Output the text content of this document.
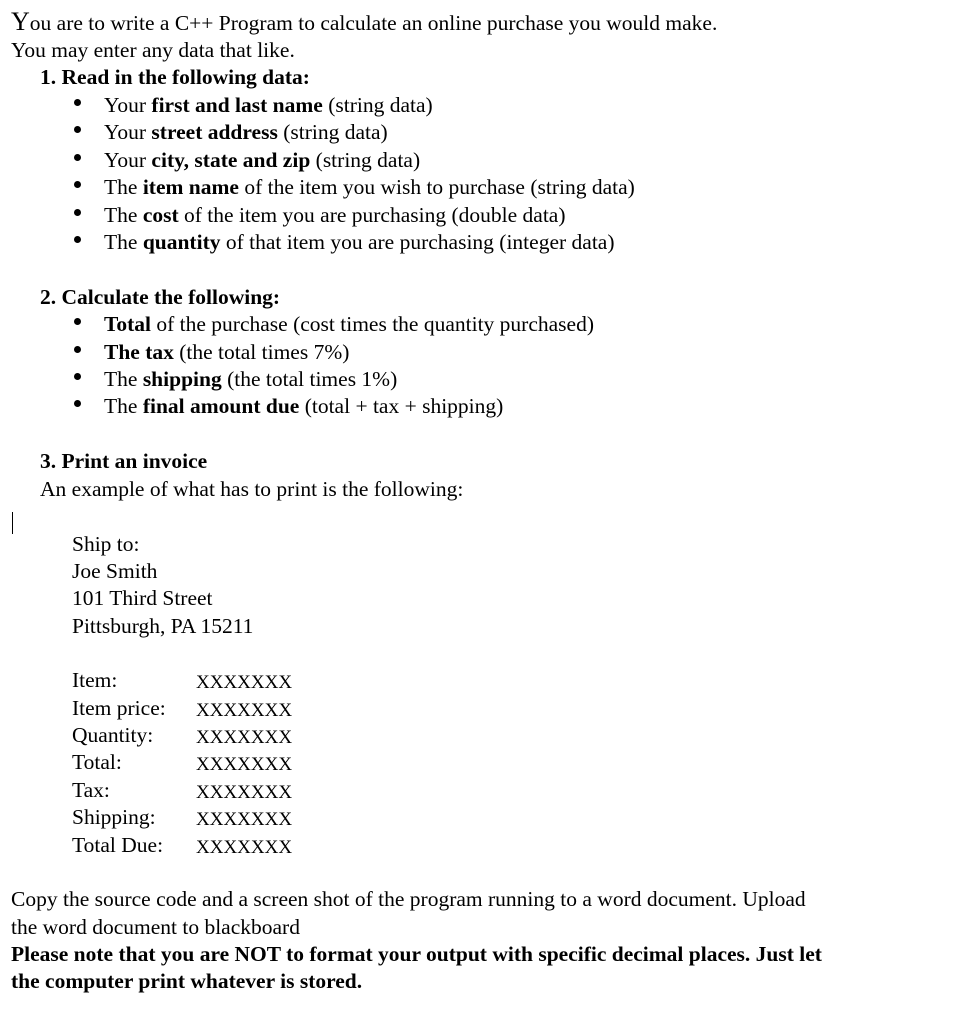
You are to write a C++ Program to calculate an online purchase you would make.
You may enter any data that like.
1. Read in the following data:
Your first and last name (string data)
Your street address (string data)
Your city, state and zip (string data)
The item name of the item you wish to purchase (string data)
The cost of the item you are purchasing (double data)
The quantity of that item you are purchasing (integer data)
2. Calculate the following:
Total of the purchase (cost times the quantity purchased)
The tax (the total times 7%)
The shipping (the total times 1%)
The final amount due (total + tax + shipping)
3. Print an invoice
An example of what has to print is the following:
Ship to:
Joe Smith
101 Third Street
Pittsburgh, PA 15211
Item:	XXXXXXX
Item price: XXXXXXX
Quantity: XXXXXXX
Total:	XXXXXXX
Tax:	XXXXXXX
Shipping: XXXXXXX
Total Due: XXXXXXX
Copy the source code and a screen shot of the program running to a word document. Upload
the word document to blackboard
Please note that you are NOT to format your output with specific decimal places. Just let
the computer print whatever is stored.
